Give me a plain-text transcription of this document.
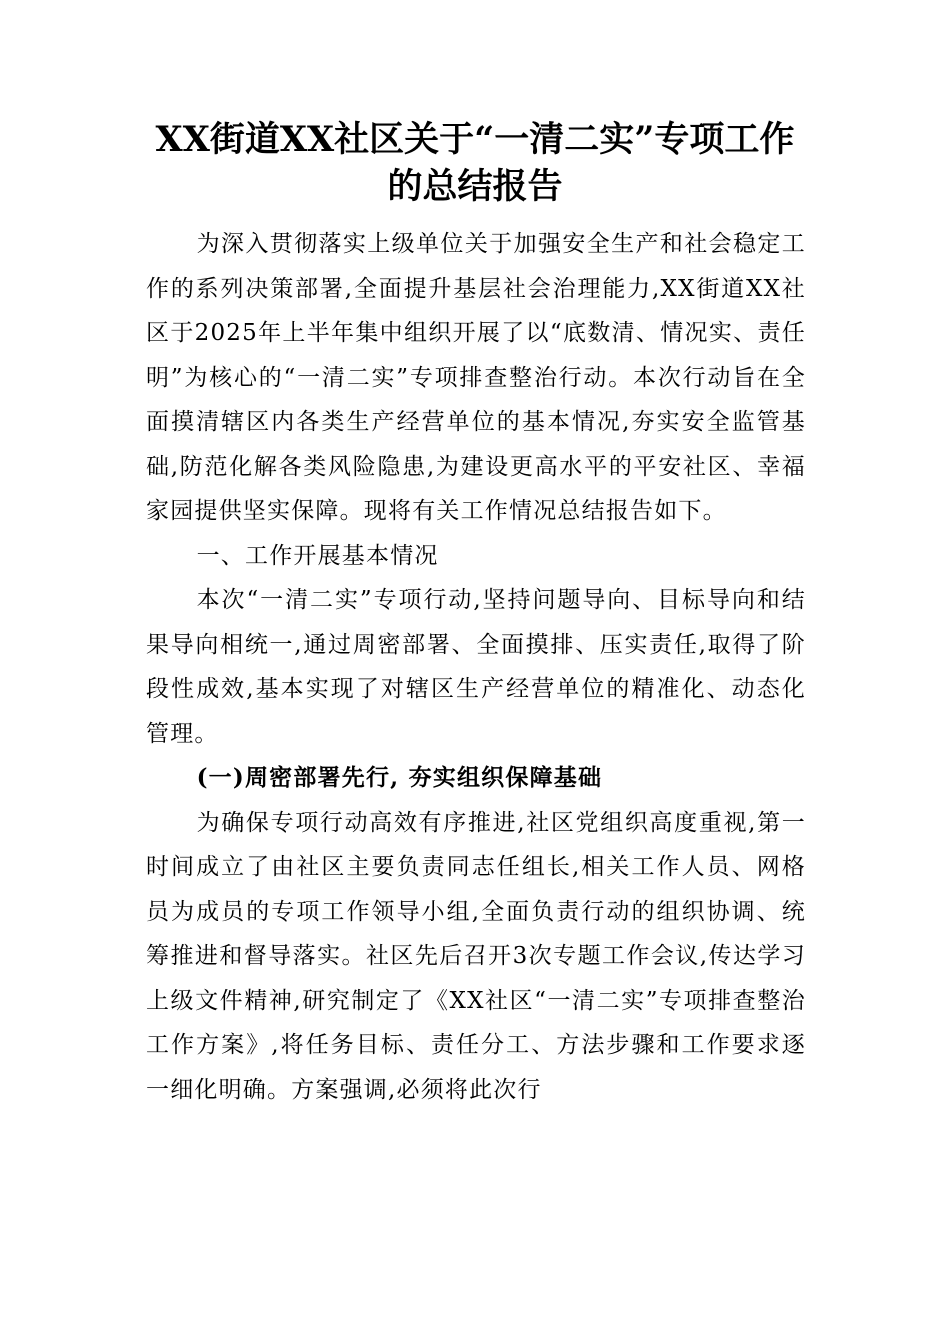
XX街道XX社区关于“一清二实”专项工作的总结报告

为深入贯彻落实上级单位关于加强安全生产和社会稳定工作的系列决策部署,全面提升基层社会治理能力,XX街道XX社区于2025年上半年集中组织开展了以“底数清、情况实、责任明”为核心的“一清二实”专项排查整治行动。本次行动旨在全面摸清辖区内各类生产经营单位的基本情况,夯实安全监管基础,防范化解各类风险隐患,为建设更高水平的平安社区、幸福家园提供坚实保障。现将有关工作情况总结报告如下。

一、工作开展基本情况

本次“一清二实”专项行动,坚持问题导向、目标导向和结果导向相统一,通过周密部署、全面摸排、压实责任,取得了阶段性成效,基本实现了对辖区生产经营单位的精准化、动态化管理。

(一)周密部署先行, 夯实组织保障基础

为确保专项行动高效有序推进,社区党组织高度重视,第一时间成立了由社区主要负责同志任组长,相关工作人员、网格员为成员的专项工作领导小组,全面负责行动的组织协调、统筹推进和督导落实。社区先后召开3次专题工作会议,传达学习上级文件精神,研究制定了《XX社区“一清二实”专项排查整治工作方案》,将任务目标、责任分工、方法步骤和工作要求逐一细化明确。方案强调,必须将此次行
